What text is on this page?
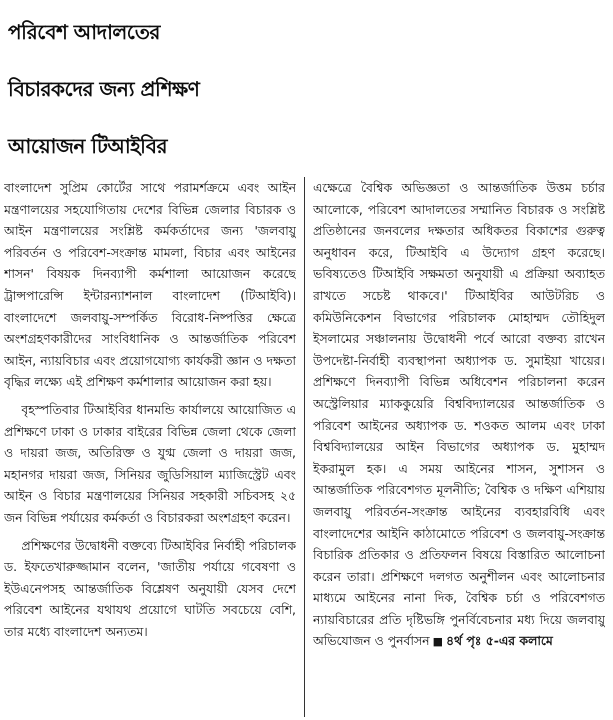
পরিবেশ আদালতের
বিচারকদের জন্য প্রশিক্ষণ
আয়োজন টিআইবির

বাংলাদেশ সুপ্রিম কোর্টের সাথে পরামর্শক্রমে এবং আইন মন্ত্রণালয়ের সহযোগিতায় দেশের বিভিন্ন জেলার বিচারক ও আইন মন্ত্রণালয়ের সংশ্লিষ্ট কর্মকর্তাদের জন্য 'জলবায়ু পরিবর্তন ও পরিবেশ-সংক্রান্ত মামলা, বিচার এবং আইনের শাসন' বিষয়ক দিনব্যাপী কর্মশালা আয়োজন করেছে ট্রান্সপারেন্সি ইন্টারন্যাশনাল বাংলাদেশ (টিআইবি)। বাংলাদেশে জলবায়ু-সম্পর্কিত বিরোধ-নিষ্পত্তির ক্ষেত্রে অংশগ্রহণকারীদের সাংবিধানিক ও আন্তর্জাতিক পরিবেশ আইন, ন্যায়বিচার এবং প্রয়োগযোগ্য কার্যকরী জ্ঞান ও দক্ষতা বৃদ্ধির লক্ষ্যে এই প্রশিক্ষণ কর্মশালার আয়োজন করা হয়।

বৃহস্পতিবার টিআইবির ধানমন্ডি কার্যালয়ে আয়োজিত এ প্রশিক্ষণে ঢাকা ও ঢাকার বাইরের বিভিন্ন জেলা থেকে জেলা ও দায়রা জজ, অতিরিক্ত ও যুগ্ম জেলা ও দায়রা জজ, মহানগর দায়রা জজ, সিনিয়র জুডিসিয়াল ম্যাজিস্ট্রেট এবং আইন ও বিচার মন্ত্রণালয়ের সিনিয়র সহকারী সচিবসহ ২৫ জন বিভিন্ন পর্যায়ের কর্মকর্তা ও বিচারকরা অংশগ্রহণ করেন।

প্রশিক্ষণের উদ্বোধনী বক্তব্যে টিআইবির নির্বাহী পরিচালক ড. ইফতেখারুজ্জামান বলেন, 'জাতীয় পর্যায়ে গবেষণা ও ইউএনেপসহ আন্তর্জাতিক বিশ্লেষণ অনুযায়ী যেসব দেশে পরিবেশ আইনের যথাযথ প্রয়োগে ঘাটতি সবচেয়ে বেশি, তার মধ্যে বাংলাদেশ অন্যতম।

এক্ষেত্রে বৈশ্বিক অভিজ্ঞতা ও আন্তর্জাতিক উত্তম চর্চার আলোকে, পরিবেশ আদালতের সম্মানিত বিচারক ও সংশ্লিষ্ট প্রতিষ্ঠানের জনবলের দক্ষতার অধিকতর বিকাশের গুরুত্ব অনুধাবন করে, টিআইবি এ উদ্যোগ গ্রহণ করেছে। ভবিষ্যতেও টিআইবি সক্ষমতা অনুযায়ী এ প্রক্রিয়া অব্যাহত রাখতে সচেষ্ট থাকবে।' টিআইবির আউটরিচ ও কমিউনিকেশন বিভাগের পরিচালক মোহাম্মদ তৌহিদুল ইসলামের সঞ্চালনায় উদ্বোধনী পর্বে আরো বক্তব্য রাখেন উপদেষ্টা-নির্বাহী ব্যবস্থাপনা অধ্যাপক ড. সুমাইয়া খায়ের। প্রশিক্ষণে দিনব্যাপী বিভিন্ন অধিবেশন পরিচালনা করেন অস্ট্রেলিয়ার ম্যাককুয়েরি বিশ্ববিদ্যালয়ের আন্তর্জাতিক ও পরিবেশ আইনের অধ্যাপক ড. শওকত আলম এবং ঢাকা বিশ্ববিদ্যালয়ের আইন বিভাগের অধ্যাপক ড. মুহাম্মদ ইকরামুল হক। এ সময় আইনের শাসন, সুশাসন ও আন্তর্জাতিক পরিবেশগত মূলনীতি; বৈশ্বিক ও দক্ষিণ এশিয়ায় জলবায়ু পরিবর্তন-সংক্রান্ত আইনের ব্যবহারবিধি এবং বাংলাদেশের আইনি কাঠামোতে পরিবেশ ও জলবায়ু-সংক্রান্ত বিচারিক প্রতিকার ও প্রতিফলন বিষয়ে বিস্তারিত আলোচনা করেন তারা। প্রশিক্ষণে দলগত অনুশীলন এবং আলোচনার মাধ্যমে আইনের নানা দিক, বৈশ্বিক চর্চা ও পরিবেশগত ন্যায়বিচারের প্রতি দৃষ্টিভঙ্গি পুনর্বিবেচনার মধ্য দিয়ে জলবায়ু অভিযোজন ও পুনর্বাসন ■ ৪র্থ পৃঃ ৫-এর কলামে
